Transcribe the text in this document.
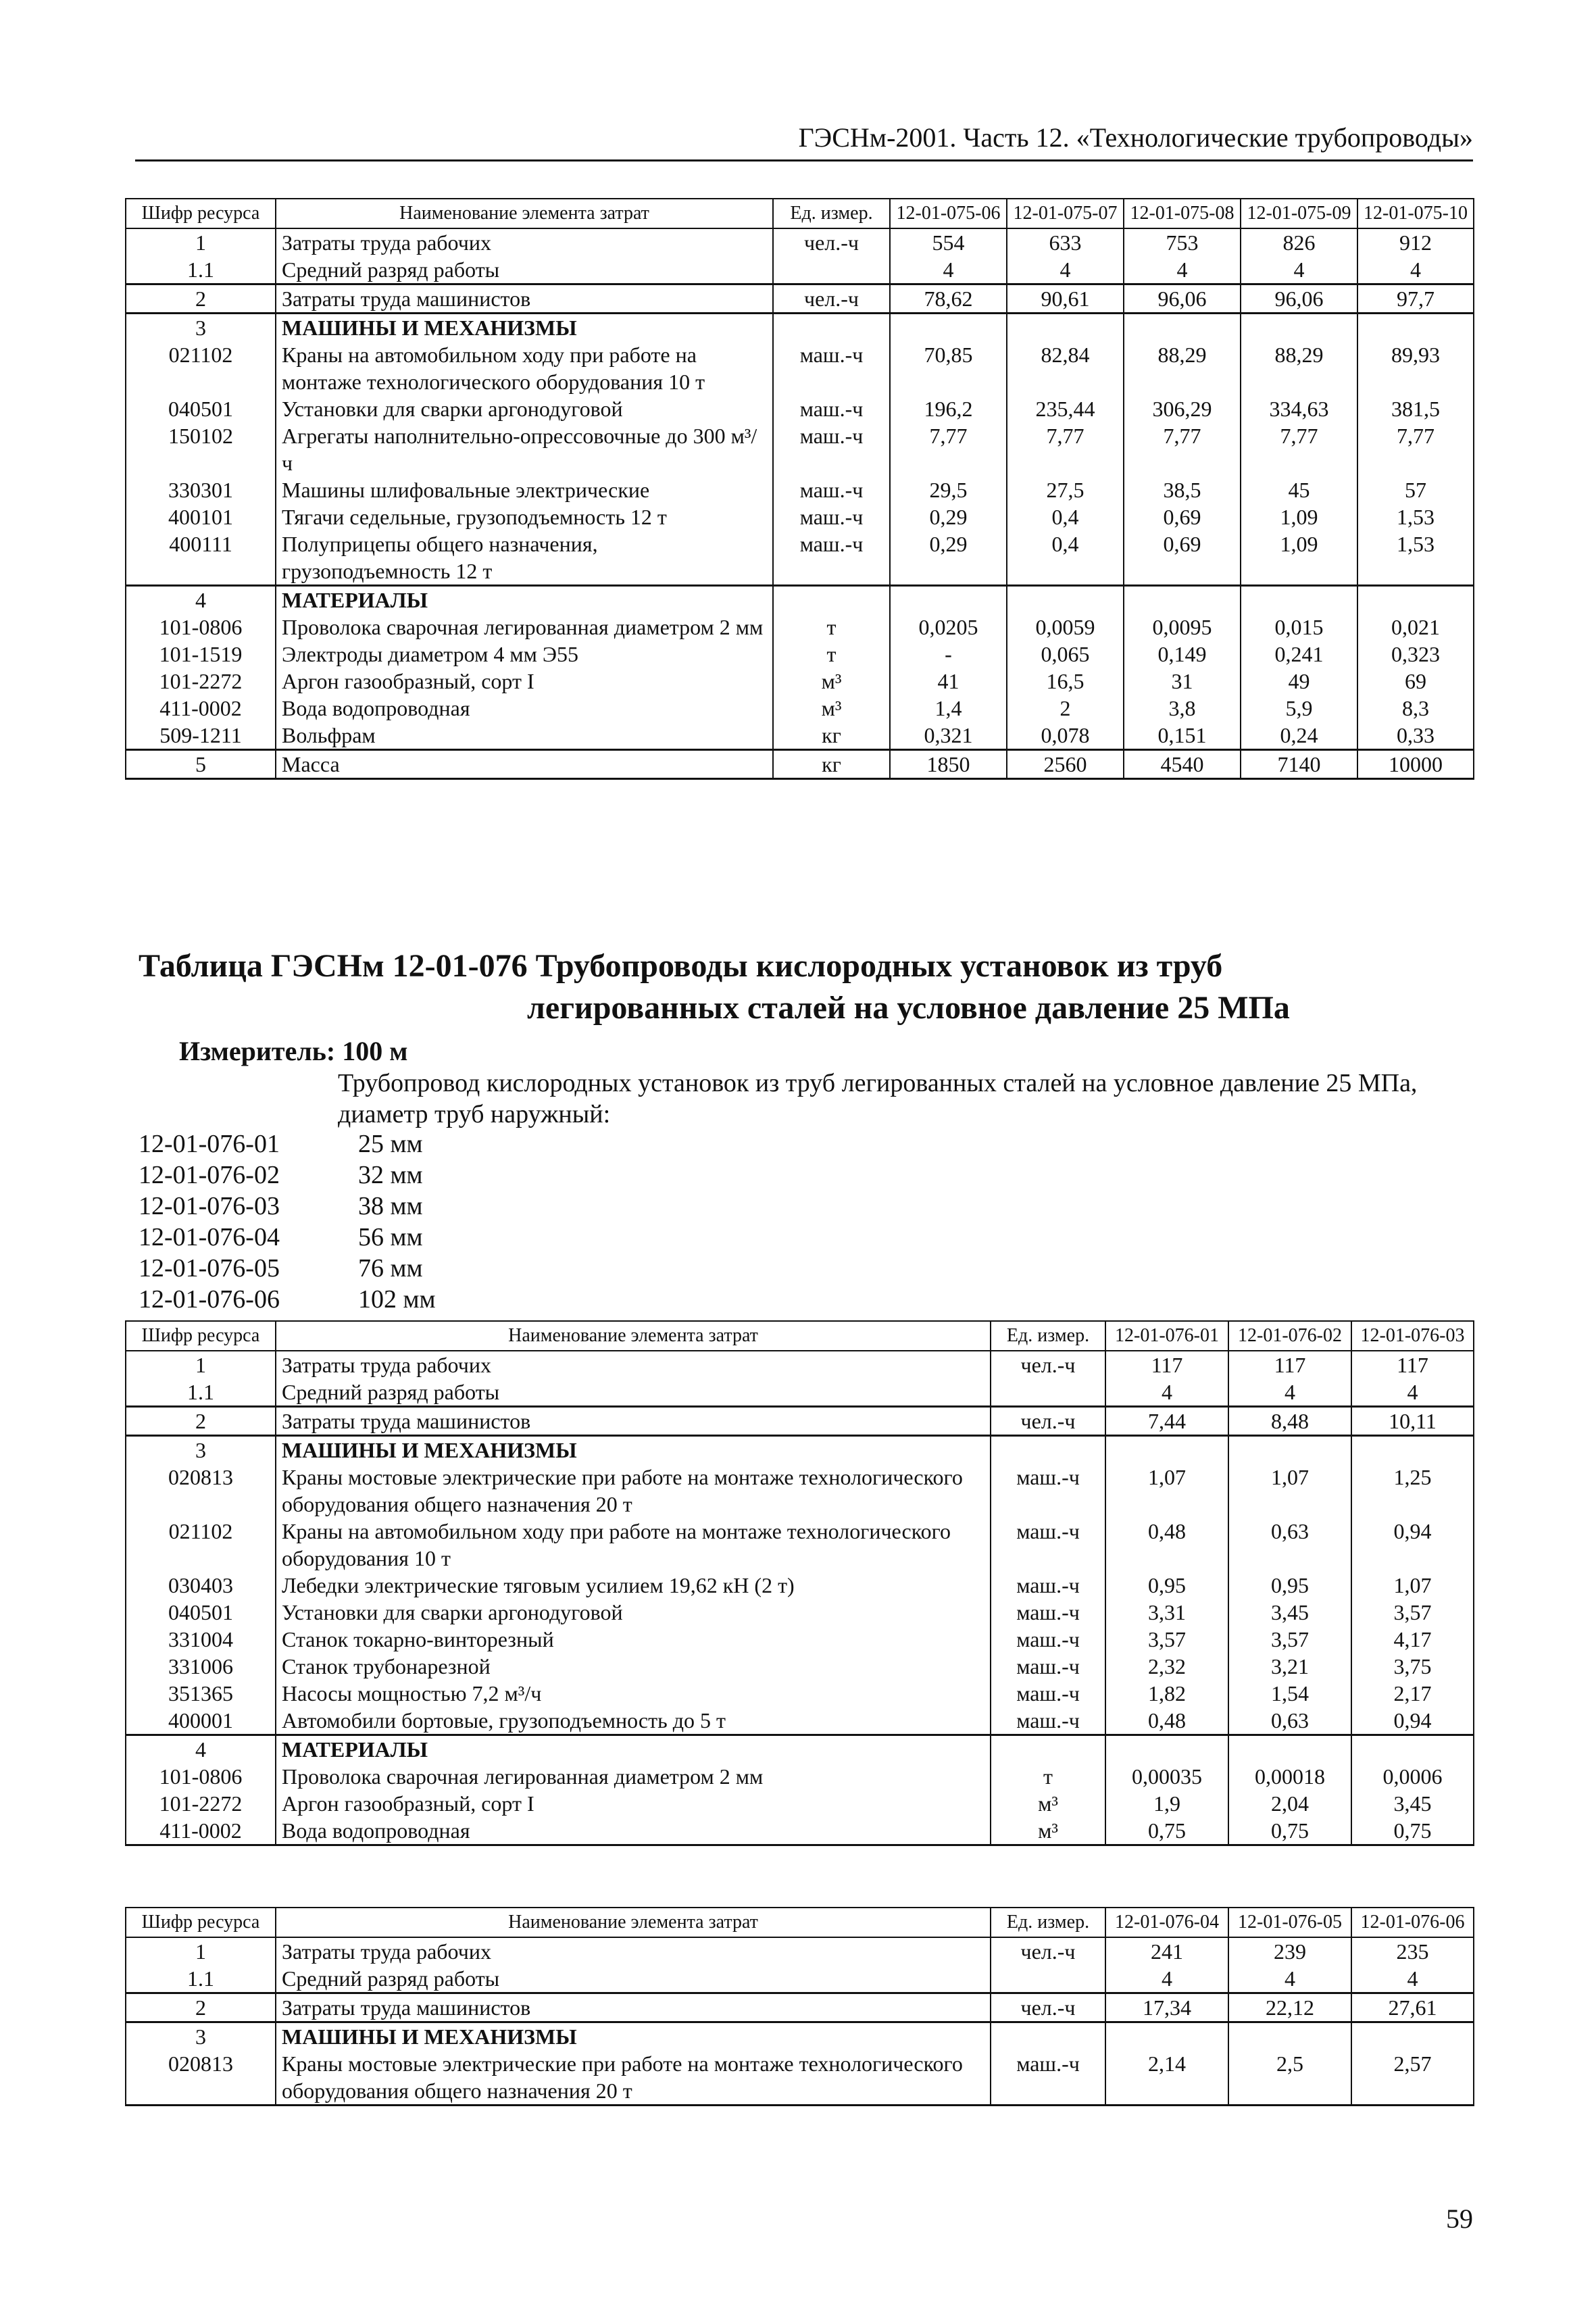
ГЭСНм-2001. Часть 12. «Технологические трубопроводы»
Шифр ресурса	Наименование элемента затрат	Ед. измер.	12-01-075-06	12-01-075-07	12-01-075-08	12-01-075-09	12-01-075-10
1	Затраты труда рабочих	чел.-ч	554	633	753	826	912
1.1	Средний разряд работы		4	4	4	4	4
2	Затраты труда машинистов	чел.-ч	78,62	90,61	96,06	96,06	97,7
3	МАШИНЫ И МЕХАНИЗМЫ						
021102	Краны на автомобильном ходу при работе на монтаже технологического оборудования 10 т	маш.-ч	70,85	82,84	88,29	88,29	89,93
040501	Установки для сварки аргонодуговой	маш.-ч	196,2	235,44	306,29	334,63	381,5
150102	Агрегаты наполнительно-опрессовочные до 300 м³/ч	маш.-ч	7,77	7,77	7,77	7,77	7,77
330301	Машины шлифовальные электрические	маш.-ч	29,5	27,5	38,5	45	57
400101	Тягачи седельные, грузоподъемность 12 т	маш.-ч	0,29	0,4	0,69	1,09	1,53
400111	Полуприцепы общего назначения, грузоподъемность 12 т	маш.-ч	0,29	0,4	0,69	1,09	1,53
4	МАТЕРИАЛЫ						
101-0806	Проволока сварочная легированная диаметром 2 мм	т	0,0205	0,0059	0,0095	0,015	0,021
101-1519	Электроды диаметром 4 мм Э55	т	-	0,065	0,149	0,241	0,323
101-2272	Аргон газообразный, сорт I	м³	41	16,5	31	49	69
411-0002	Вода водопроводная	м³	1,4	2	3,8	5,9	8,3
509-1211	Вольфрам	кг	0,321	0,078	0,151	0,24	0,33
5	Масса	кг	1850	2560	4540	7140	10000
Таблица ГЭСНм 12-01-076 Трубопроводы кислородных установок из труб
легированных сталей на условное давление 25 МПа
Измеритель: 100 м
Трубопровод кислородных установок из труб легированных сталей на условное давление 25 МПа, диаметр труб наружный:
12-01-076-01	25 мм
12-01-076-02	32 мм
12-01-076-03	38 мм
12-01-076-04	56 мм
12-01-076-05	76 мм
12-01-076-06	102 мм
Шифр ресурса	Наименование элемента затрат	Ед. измер.	12-01-076-01	12-01-076-02	12-01-076-03
1	Затраты труда рабочих	чел.-ч	117	117	117
1.1	Средний разряд работы		4	4	4
2	Затраты труда машинистов	чел.-ч	7,44	8,48	10,11
3	МАШИНЫ И МЕХАНИЗМЫ				
020813	Краны мостовые электрические при работе на монтаже технологического оборудования общего назначения 20 т	маш.-ч	1,07	1,07	1,25
021102	Краны на автомобильном ходу при работе на монтаже технологического оборудования 10 т	маш.-ч	0,48	0,63	0,94
030403	Лебедки электрические тяговым усилием 19,62 кН (2 т)	маш.-ч	0,95	0,95	1,07
040501	Установки для сварки аргонодуговой	маш.-ч	3,31	3,45	3,57
331004	Станок токарно-винторезный	маш.-ч	3,57	3,57	4,17
331006	Станок трубонарезной	маш.-ч	2,32	3,21	3,75
351365	Насосы мощностью 7,2 м³/ч	маш.-ч	1,82	1,54	2,17
400001	Автомобили бортовые, грузоподъемность до 5 т	маш.-ч	0,48	0,63	0,94
4	МАТЕРИАЛЫ				
101-0806	Проволока сварочная легированная диаметром 2 мм	т	0,00035	0,00018	0,0006
101-2272	Аргон газообразный, сорт I	м³	1,9	2,04	3,45
411-0002	Вода водопроводная	м³	0,75	0,75	0,75
Шифр ресурса	Наименование элемента затрат	Ед. измер.	12-01-076-04	12-01-076-05	12-01-076-06
1	Затраты труда рабочих	чел.-ч	241	239	235
1.1	Средний разряд работы		4	4	4
2	Затраты труда машинистов	чел.-ч	17,34	22,12	27,61
3	МАШИНЫ И МЕХАНИЗМЫ				
020813	Краны мостовые электрические при работе на монтаже технологического оборудования общего назначения 20 т	маш.-ч	2,14	2,5	2,57
59
